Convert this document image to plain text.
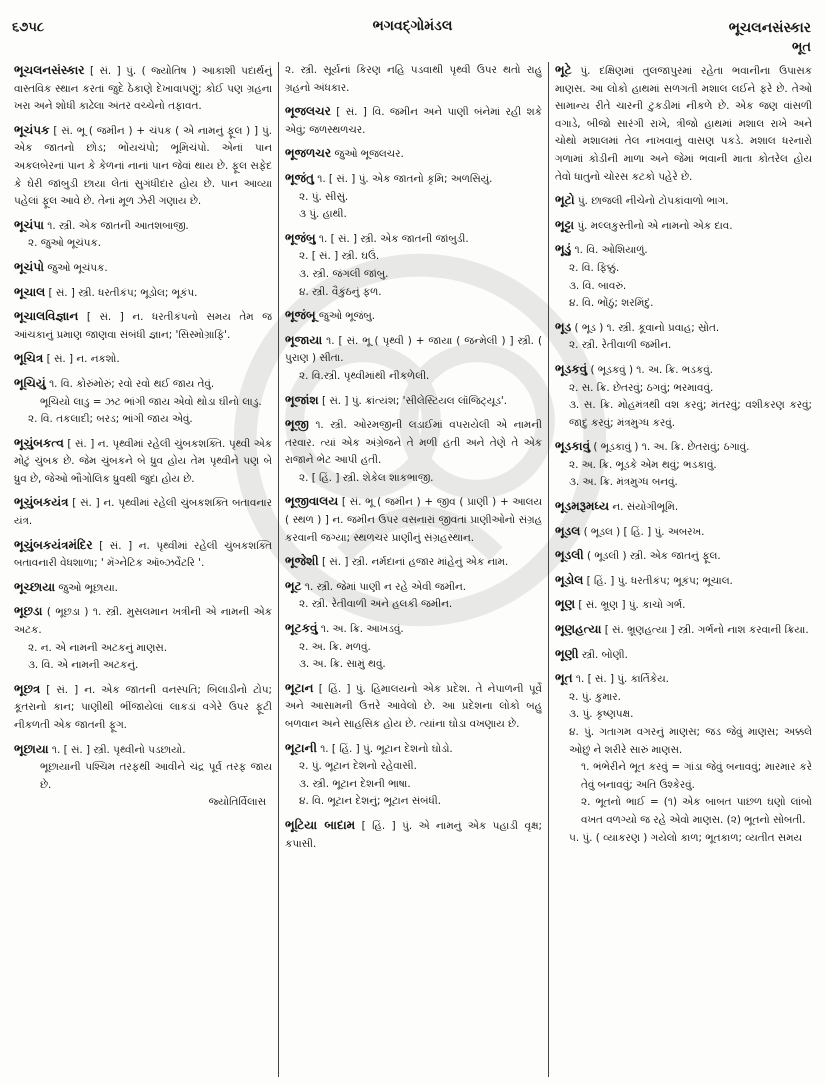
૬૭૫૮	ભગવદ્ગોમંડલ	ભૂચલનસંસ્કાર
ભૂત
ભૂચલનસંસ્કાર [ સં. ] પું. ( જ્યોતિષ ) આકાશી પદાર્થનું વાસ્તવિક સ્થાન કરતાં જુદે ઠેકાણે દેખાવાપણું; કોઈ પણ ગ્રહના ખરા અને શોધી કાઢેલા અંતર વચ્ચેનો તફાવત.
ભૂચંપક [ સં. ભૂ ( જમીન ) + ચંપક ( એ નામનું ફૂલ ) ] પું. એક જાતનો છોડ; ભોંયચંપો; ભૂમિચંપો. એનાં પાન અકલબેરનાં પાન કે કેળનાં નાનાં પાન જેવાં થાય છે. ફૂલ સફેદ કે ઘેરી જાંબુડી છાયા લેતાં સુગંધીદાર હોય છે. પાન આવ્યા પહેલાં ફૂલ આવે છે. તેનાં મૂળ ઝેરી ગણાય છે.
ભૂચંપા ૧. સ્ત્રી. એક જાતની આતશબાજી.
૨. જુઓ ભૂચંપક.
ભૂચંપો જુઓ ભૂચંપક.
ભૂચાલ [ સં. ] સ્ત્રી. ધરતીકંપ; ભૂડોલ; ભૂકંપ.
ભૂચાલવિજ્ઞાન [ સં. ] ન. ધરતીકંપનો સમય તેમ જ આંચકાનું પ્રમાણ જાણવા સંબંધી જ્ઞાન; 'સિસ્મોગ્રાફિ'.
ભૂચિત્ર [ સં. ] ન. નકશો.
ભૂચિયું ૧. વિ. કોરુંમોરું; રવો રવો થઈ જાય તેવું.
ભૂચિયો લાડુ = ઝટ ભાંગી જાય એવો થોડા ઘીનો લાડુ.
૨. વિ. તકલાદી; બરડ; ભાંગી જાય એવું.
ભૂચુંબકત્વ [ સં. ] ન. પૃથ્વીમાં રહેલી ચુંબકશક્તિ. પૃથ્વી એક મોટું ચુંબક છે. જેમ ચુંબકને બે ધ્રુવ હોય તેમ પૃથ્વીને પણ બે ધ્રુવ છે, જેઓ ભૌગોલિક ધ્રુવથી જુદા હોય છે.
ભૂચુંબકયંત્ર [ સં. ] ન. પૃથ્વીમાં રહેલી ચુંબકશક્તિ બતાવનાર યંત્ર.
ભૂચુંબકયંત્રમંદિર [ સં. ] ન. પૃથ્વીમાં રહેલી ચુંબકશક્તિ બતાવનારી વેધશાળા; ' મૅગ્નેટિક ઑબ્ઝર્વેટરિ '.
ભૂચ્છાયા જુઓ ભૂછાયા.
ભૂછડા ( ભૂછડા ) ૧. સ્ત્રી. મુસલમાન ખત્રીની એ નામની એક અટક.
૨. ન. એ નામની અટકનું માણસ.
૩. વિ. એ નામની અટકનું.
ભૂછત્ર [ સં. ] ન. એક જાતની વનસ્પતિ; બિલાડીનો ટોપ; કૂતરાનો કાન; પાણીથી ભીંજાયેલાં લાકડાં વગેરે ઉપર ફૂટી નીકળતી એક જાતની ફૂગ.
ભૂછાયા ૧. [ સં. ] સ્ત્રી. પૃથ્વીનો પડછાયો.
ભૂછાયાની પશ્ચિમ તરફથી આવીને ચંદ્ર પૂર્વ તરફ જાય છે.
જ્યોતિર્વિલાસ
૨. સ્ત્રી. સૂર્યનાં કિરણ નહિ પડવાથી પૃથ્વી ઉપર થતો રાહુ ગ્રહનો અંધકાર.
ભૂજલચર [ સં. ] વિ. જમીન અને પાણી બંનેમાં રહી શકે એવું; જળસ્થળચર.
ભૂજળચર જુઓ ભૂજલચર.
ભૂજંતુ ૧. [ સં. ] પું. એક જાતનો કૃમિ; અળસિયું.
૨. પું. સીસું.
૩ પું. હાથી.
ભૂજંબુ ૧. [ સં. ] સ્ત્રી. એક જાતની જાંબુડી.
૨. [ સં. ] સ્ત્રી. ઘઉં.
૩. સ્ત્રી. જંગલી જાંબુ.
૪. સ્ત્રી. વૈકુંઠનું ફળ.
ભૂજંબૂ જુઓ ભૂજંબુ.
ભૂજાયા ૧. [ સં. ભૂ ( પૃથ્વી ) + જાયા ( જન્મેલી ) ] સ્ત્રી. ( પુરાણ ) સીતા.
૨. વિ.સ્ત્રી. પૃથ્વીમાંથી નીકળેલી.
ભૂજાંશ [ સં. ] પું. ક્રાંત્યંશ; 'સીલેસ્ટિયલ લૉંજિટ્યૂડ'.
ભૂજી ૧. સ્ત્રી. ઓરમજીની લડાઈમાં વપરાયેલી એ નામની તરવાર. ત્યાં એક અંગ્રેજને તે મળી હતી અને તેણે તે એક રાજાને ભેટ આપી હતી.
૨. [ હિં. ] સ્ત્રી. શેકેલ શાકભાજી.
ભૂજીવાલય [ સં. ભૂ ( જમીન ) + જીવ ( પ્રાણી ) + આલય ( સ્થળ ) ] ન. જમીન ઉપર વસનારાં જીવતાં પ્રાણીઓનો સંગ્રહ કરવાની જગ્યા; સ્થળચર પ્રાણીનું સંગ્રહસ્થાન.
ભૂજેશી [ સં. ] સ્ત્રી. નર્મદાનાં હજાર માંહેનું એક નામ.
ભૂટ ૧. સ્ત્રી. જેમાં પાણી ન રહે એવી જમીન.
૨. સ્ત્રી. રેતીવાળી અને હલકી જમીન.
ભૂટકવું ૧. અ. ક્રિ. આખડવું.
૨. અ. ક્રિ. મળવું.
૩. અ. ક્રિ. સામું થવું.
ભૂટાન [ હિં. ] પું. હિમાલયનો એક પ્રદેશ. તે નેપાળની પૂર્વે અને આસામની ઉત્તરે આવેલો છે. આ પ્રદેશના લોકો બહુ બળવાન અને સાહસિક હોય છે. ત્યાંના ઘોડા વખણાય છે.
ભૂટાની ૧. [ હિં. ] પું. ભૂટાન દેશનો ઘોડો.
૨. પું. ભૂટાન દેશનો રહેવાસી.
૩. સ્ત્રી. ભૂટાન દેશની ભાષા.
૪. વિ. ભૂટાન દેશનું; ભૂટાન સંબંધી.
ભૂટિયા બાદામ [ હિં. ] પું. એ નામનું એક પહાડી વૃક્ષ; કપાસી.
ભૂટે પું. દક્ષિણમાં તુલજાપુરમાં રહેતા ભવાનીના ઉપાસક માણસ. આ લોકો હાથમાં સળગતી મશાલ લઈને ફરે છે. તેઓ સામાન્ય રીતે ચારની ટુકડીમાં નીકળે છે. એક જણ વાંસળી વગાડે, બીજો સારંગી રાખે, ત્રીજો હાથમાં મશાલ રાખે અને ચોથો મશાલમાં તેલ નાખવાનું વાસણ પકડે. મશાલ ધરનારો ગળામાં કોડીની માળા અને જેમાં ભવાની માતા કોતરેલ હોય તેવો ધાતુનો ચોરસ કટકો પહેરે છે.
ભૂટો પું. છાજલી નીચેનો ટોપકાંવાળો ભાગ.
ભૂટ્ટા પું. મલ્લકુસ્તીનો એ નામનો એક દાવ.
ભૂડું ૧. વિ. ઓશિયાળું.
૨. વિ. ફિક્કું.
૩. વિ. બાવરું.
૪. વિ. ભોંઠું; શરમિંદું.
ભૂડ ( ભૂડ ) ૧. સ્ત્રી. કૂવાનો પ્રવાહ; સ્રોત.
૨. સ્ત્રી. રેતીવાળી જમીન.
ભૂડકવું ( ભૂડકવું ) ૧. અ. ક્રિ. ભડકવું.
૨. સ. ક્રિ. છેતરવું; ઠગવું; ભરમાવવું.
૩. સ. ક્રિ. મોહમંત્રથી વશ કરવું; મંતરવું; વશીકરણ કરવું; જાદુ કરવું; મંત્રમુગ્ધ કરવું.
ભૂડકાવું ( ભૂડકાવું ) ૧. અ. ક્રિ. છેતરાવું; ઠગાવું.
૨. અ. ક્રિ. ભૂડકે એમ થવું; ભડકાવું.
૩. અ. ક્રિ. મંત્રમુગ્ધ બનવું.
ભૂડમરૂમધ્ય ન. સંયોગીભૂમિ.
ભૂડલ ( ભૂડલ ) [ હિં. ] પું. અબરખ.
ભૂડલી ( ભૂડલી ) સ્ત્રી. એક જાતનું ફૂલ.
ભૂડોલ [ હિં. ] પું. ધરતીકંપ; ભૂકંપ; ભૂચાલ.
ભૂણ [ સં. ભ્રૂણ ] પું. કાચો ગર્ભ.
ભૂણહત્યા [ સં. ભ્રૂણહત્યા ] સ્ત્રી. ગર્ભનો નાશ કરવાની ક્રિયા.
ભૂણી સ્ત્રી. બોણી.
ભૂત ૧. [ સં. ] પું. કાર્તિકેય.
૨. પું. કુમાર.
૩. પું. કૃષ્ણપક્ષ.
૪. પું. ગતાગમ વગરનું માણસ; જડ જેવું માણસ; અક્કલે ઓછું ને શરીરે સારું માણસ.
૧. ભંભેરીને ભૂત કરવું = ગાંડા જેવું બનાવવું; મારમાર કરે તેવું બનાવવું; અતિ ઉશ્કેરવું.
૨. ભૂતનો ભાઈ = (૧) એક બાબત પાછળ ઘણો લાંબો વખત વળગ્યો જ રહે એવો માણસ. (૨) ભૂતનો સોબતી.
૫. પું. ( વ્યાકરણ ) ગયેલો કાળ; ભૂતકાળ; વ્યતીત સમય
